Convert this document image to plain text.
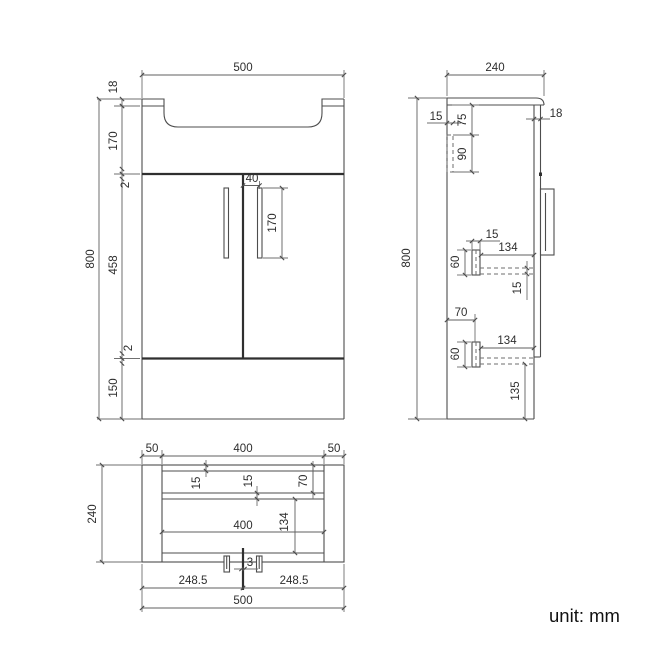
500
800
18
170
2
458
2
150
40
170
240
800
15 75
90
18
15
134
60
15
70
60
134
135
50	400	50
240
15	15	70
400 134
3
248.5	248.5
500
unit: mm
